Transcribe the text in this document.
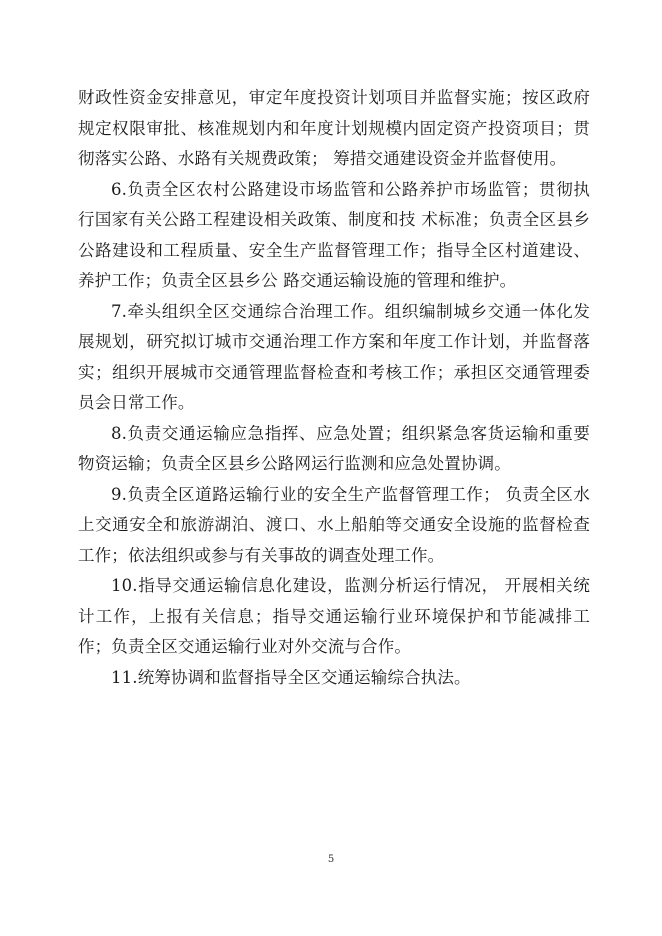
财政性资金安排意见，审定年度投资计划项目并监督实施；按区政府规定权限审批、核准规划内和年度计划规模内固定资产投资项目；贯彻落实公路、水路有关规费政策； 筹措交通建设资金并监督使用。

6.负责全区农村公路建设市场监管和公路养护市场监管；贯彻执行国家有关公路工程建设相关政策、制度和技 术标准；负责全区县乡公路建设和工程质量、安全生产监督管理工作；指导全区村道建设、养护工作；负责全区县乡公 路交通运输设施的管理和维护。

7.牵头组织全区交通综合治理工作。组织编制城乡交通一体化发展规划，研究拟订城市交通治理工作方案和年度工作计划，并监督落实；组织开展城市交通管理监督检查和考核工作；承担区交通管理委员会日常工作。

8.负责交通运输应急指挥、应急处置；组织紧急客货运输和重要物资运输；负责全区县乡公路网运行监测和应急处置协调。

9.负责全区道路运输行业的安全生产监督管理工作； 负责全区水上交通安全和旅游湖泊、渡口、水上船舶等交通安全设施的监督检查工作；依法组织或参与有关事故的调查处理工作。

10.指导交通运输信息化建设，监测分析运行情况， 开展相关统计工作，上报有关信息；指导交通运输行业环境保护和节能减排工作；负责全区交通运输行业对外交流与合作。

11.统筹协调和监督指导全区交通运输综合执法。

5
